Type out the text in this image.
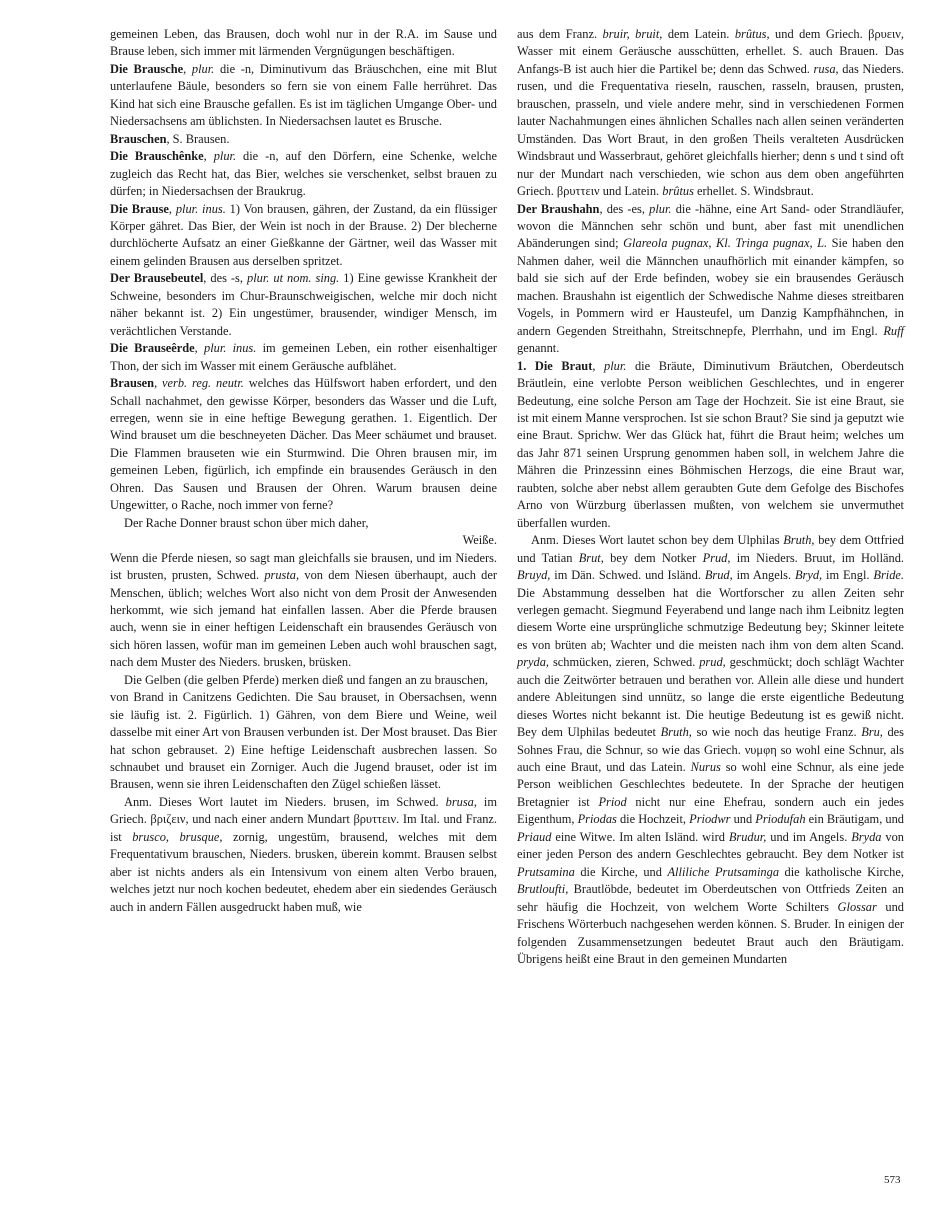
gemeinen Leben, das Brausen, doch wohl nur in der R.A. im Sause und Brause leben, sich immer mit lärmenden Vergnügungen beschäftigen.

Die Brausche, plur. die -n, Diminutivum das Bräuschchen, eine mit Blut unterlaufene Bäule, besonders so fern sie von einem Falle herrühret. Das Kind hat sich eine Brausche gefallen. Es ist im täglichen Umgange Ober- und Niedersachsens am üblichsten. In Niedersachsen lautet es Brusche.

Brauschen, S. Brausen.

Die Brauschênke, plur. die -n, auf den Dörfern, eine Schenke, welche zugleich das Recht hat, das Bier, welches sie verschenket, selbst brauen zu dürfen; in Niedersachsen der Braukrug.

Die Brause, plur. inus. 1) Von brausen, gähren, der Zustand, da ein flüssiger Körper gähret. Das Bier, der Wein ist noch in der Brause. 2) Der blecherne durchlöcherte Aufsatz an einer Gießkanne der Gärtner, weil das Wasser mit einem gelinden Brausen aus derselben spritzet.

Der Brausebeutel, des -s, plur. ut nom. sing. 1) Eine gewisse Krankheit der Schweine, besonders im Chur-Braunschweigischen, welche mir doch nicht näher bekannt ist. 2) Ein ungestümer, brausender, windiger Mensch, im verächtlichen Verstande.

Die Brauseêrde, plur. inus. im gemeinen Leben, ein rother eisenhaltiger Thon, der sich im Wasser mit einem Geräusche aufblähet.

Brausen, verb. reg. neutr. welches das Hülfswort haben erfordert, und den Schall nachahmet, den gewisse Körper, besonders das Wasser und die Luft, erregen, wenn sie in eine heftige Bewegung gerathen. 1. Eigentlich. Der Wind brauset um die beschneyeten Dächer. Das Meer schäumet und brauset. Die Flammen brauseten wie ein Sturmwind. Die Ohren brausen mir, im gemeinen Leben, figürlich, ich empfinde ein brausendes Geräusch in den Ohren. Das Sausen und Brausen der Ohren. Warum brausen deine Ungewitter, o Rache, noch immer von ferne?

Der Rache Donner braust schon über mich daher,

Weiße.

Wenn die Pferde niesen, so sagt man gleichfalls sie brausen, und im Nieders. ist brusten, prusten, Schwed. prusta, von dem Niesen überhaupt, auch der Menschen, üblich; welches Wort also nicht von dem Prosit der Anwesenden herkommt, wie sich jemand hat einfallen lassen. Aber die Pferde brausen auch, wenn sie in einer heftigen Leidenschaft ein brausendes Geräusch von sich hören lassen, wofür man im gemeinen Leben auch wohl brauschen sagt, nach dem Muster des Nieders. brusken, brüsken.

Die Gelben (die gelben Pferde) merken dieß und fangen an zu brauschen,

von Brand in Canitzens Gedichten. Die Sau brauset, in Obersachsen, wenn sie läufig ist. 2. Figürlich. 1) Gähren, von dem Biere und Weine, weil dasselbe mit einer Art von Brausen verbunden ist. Der Most brauset. Das Bier hat schon gebrauset. 2) Eine heftige Leidenschaft ausbrechen lassen. So schnaubet und brauset ein Zorniger. Auch die Jugend brauset, oder ist im Brausen, wenn sie ihren Leidenschaften den Zügel schießen lässet.

Anm. Dieses Wort lautet im Nieders. brusen, im Schwed. brusa, im Griech. βριζειν, und nach einer andern Mundart βρυττειν. Im Ital. und Franz. ist brusco, brusque, zornig, ungestüm, brausend, welches mit dem Frequentativum brauschen, Nieders. brusken, überein kommt. Brausen selbst aber ist nichts anders als ein Intensivum von einem alten Verbo brauen, welches jetzt nur noch kochen bedeutet, ehedem aber ein siedendes Geräusch auch in andern Fällen ausgedruckt haben muß, wie

aus dem Franz. bruir, bruit, dem Latein. brûtus, und dem Griech. βρυειν, Wasser mit einem Geräusche ausschütten, erhellet. S. auch Brauen. Das Anfangs-B ist auch hier die Partikel be; denn das Schwed. rusa, das Nieders. rusen, und die Frequentativa rieseln, rauschen, rasseln, brausen, prusten, brauschen, prasseln, und viele andere mehr, sind in verschiedenen Formen lauter Nachahmungen eines ähnlichen Schalles nach allen seinen veränderten Umständen. Das Wort Braut, in den großen Theils veralteten Ausdrücken Windsbraut und Wasserbraut, gehöret gleichfalls hierher; denn s und t sind oft nur der Mundart nach verschieden, wie schon aus dem oben angeführten Griech. βρυττειν und Latein. brûtus erhellet. S. Windsbraut.

Der Braushahn, des -es, plur. die -hähne, eine Art Sand- oder Strandläufer, wovon die Männchen sehr schön und bunt, aber fast mit unendlichen Abänderungen sind; Glareola pugnax, Kl. Tringa pugnax, L. Sie haben den Nahmen daher, weil die Männchen unaufhörlich mit einander kämpfen, so bald sie sich auf der Erde befinden, wobey sie ein brausendes Geräusch machen. Braushahn ist eigentlich der Schwedische Nahme dieses streitbaren Vogels, in Pommern wird er Hausteufel, um Danzig Kampfhähnchen, in andern Gegenden Streithahn, Streitschnepfe, Plerrhahn, und im Engl. Ruff genannt.

1. Die Braut, plur. die Bräute, Diminutivum Bräutchen, Oberdeutsch Bräutlein, eine verlobte Person weiblichen Geschlechtes, und in engerer Bedeutung, eine solche Person am Tage der Hochzeit. Sie ist eine Braut, sie ist mit einem Manne versprochen. Ist sie schon Braut? Sie sind ja geputzt wie eine Braut. Sprichw. Wer das Glück hat, führt die Braut heim; welches um das Jahr 871 seinen Ursprung genommen haben soll, in welchem Jahre die Mähren die Prinzessinn eines Böhmischen Herzogs, die eine Braut war, raubten, solche aber nebst allem geraubten Gute dem Gefolge des Bischofes Arno von Würzburg überlassen mußten, von welchem sie unvermuthet überfallen wurden.

Anm. Dieses Wort lautet schon bey dem Ulphilas Bruth, bey dem Ottfried und Tatian Brut, bey dem Notker Prud, im Nieders. Bruut, im Holländ. Bruyd, im Dän. Schwed. und Isländ. Brud, im Angels. Bryd, im Engl. Bride. Die Abstammung desselben hat die Wortforscher zu allen Zeiten sehr verlegen gemacht. Siegmund Feyerabend und lange nach ihm Leibnitz legten diesem Worte eine ursprüngliche schmutzige Bedeutung bey; Skinner leitete es von brüten ab; Wachter und die meisten nach ihm von dem alten Scand. pryda, schmücken, zieren, Schwed. prud, geschmückt; doch schlägt Wachter auch die Zeitwörter betrauen und berathen vor. Allein alle diese und hundert andere Ableitungen sind unnütz, so lange die erste eigentliche Bedeutung dieses Wortes nicht bekannt ist. Die heutige Bedeutung ist es gewiß nicht. Bey dem Ulphilas bedeutet Bruth, so wie noch das heutige Franz. Bru, des Sohnes Frau, die Schnur, so wie das Griech. νυμφη so wohl eine Schnur, als auch eine Braut, und das Latein. Nurus so wohl eine Schnur, als eine jede Person weiblichen Geschlechtes bedeutete. In der Sprache der heutigen Bretagnier ist Priod nicht nur eine Ehefrau, sondern auch ein jedes Eigenthum, Priodas die Hochzeit, Priodwr und Priodufah ein Bräutigam, und Priaud eine Witwe. Im alten Isländ. wird Brudur, und im Angels. Bryda von einer jeden Person des andern Geschlechtes gebraucht. Bey dem Notker ist Prutsamina die Kirche, und Alliliche Prutsaminga die katholische Kirche, Brutloufti, Brautlöbde, bedeutet im Oberdeutschen von Ottfrieds Zeiten an sehr häufig die Hochzeit, von welchem Worte Schilters Glossar und Frischens Wörterbuch nachgesehen werden können. S. Bruder. In einigen der folgenden Zusammensetzungen bedeutet Braut auch den Bräutigam. Übrigens heißt eine Braut in den gemeinen Mundarten

573
